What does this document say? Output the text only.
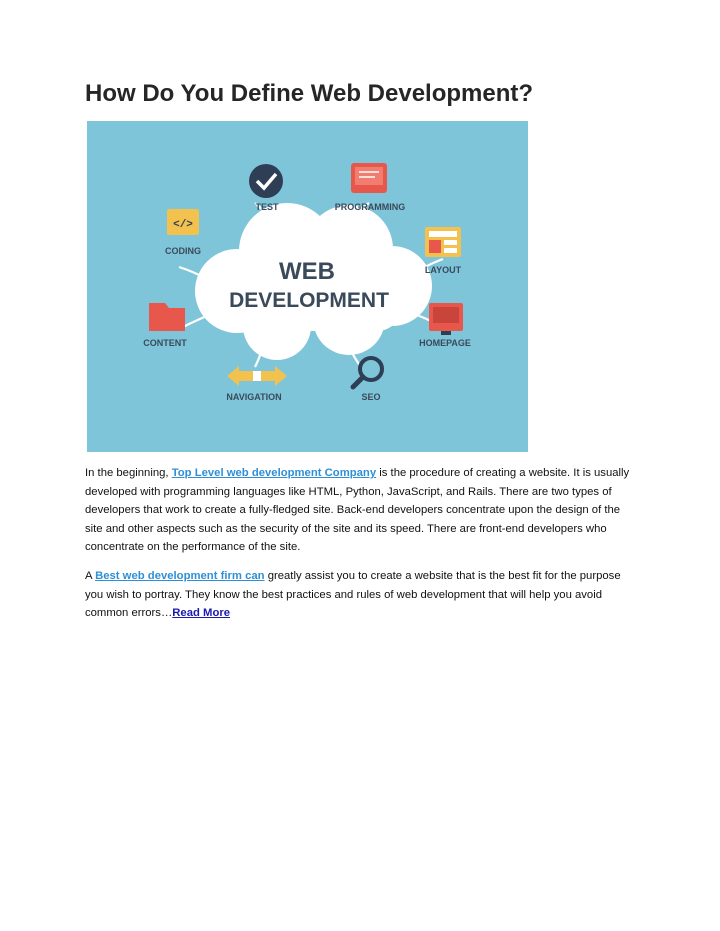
How Do You Define Web Development?
WEB
DEVELOPMENT
TEST	PROGRAMMING
</>
CODING
LAYOUT
CONTENT	HOMEPAGE
NAVIGATION	SEO

In the beginning, Top Level web development Company is the procedure of creating a website. It is usually developed with programming languages like HTML, Python, JavaScript, and Rails. There are two types of developers that work to create a fully-fledged site. Back-end developers concentrate upon the design of the site and other aspects such as the security of the site and its speed. There are front-end developers who concentrate on the performance of the site.

A Best web development firm can greatly assist you to create a website that is the best fit for the purpose you wish to portray. They know the best practices and rules of web development that will help you avoid common errors…Read More
